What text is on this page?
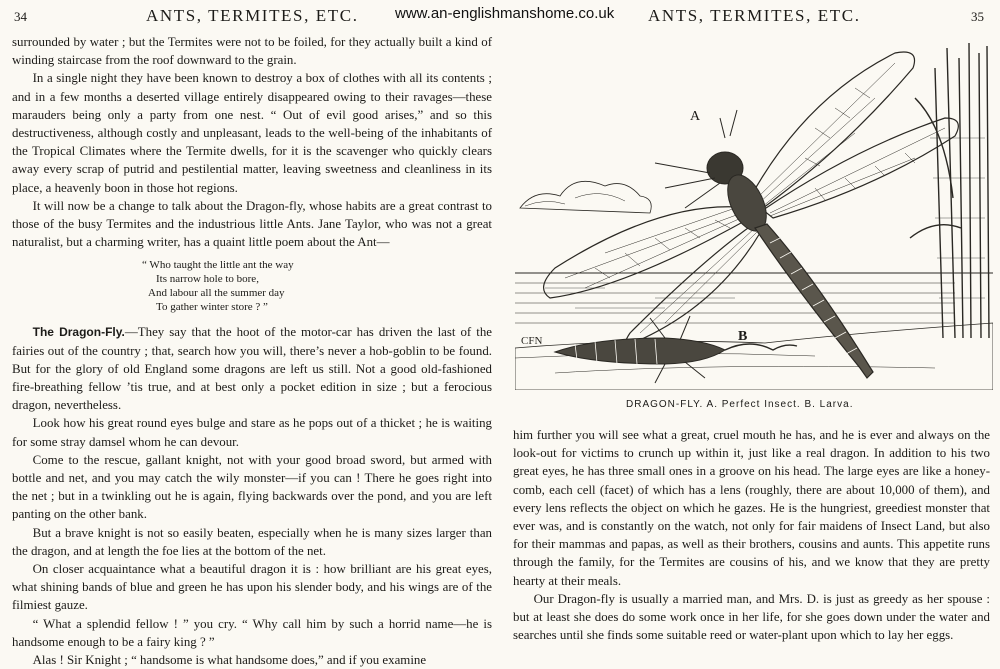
34	ANTS, TERMITES, ETC. www.an-englishmanshome.co.uk ANTS, TERMITES, ETC.	35

surrounded by water ; but the Termites were not to be foiled, for they actually built a kind of winding staircase from the roof downward to the grain.

In a single night they have been known to destroy a box of clothes with all its contents ; and in a few months a deserted village entirely disappeared owing to their ravages—these marauders being only a party from one nest. “ Out of evil good arises,” and so this destructiveness, although costly and unpleasant, leads to the well-being of the inhabitants of the Tropical Climates where the Termite dwells, for it is the scavenger who quickly clears away every scrap of putrid and pestilential matter, leaving sweetness and cleanliness in its place, a heavenly boon in those hot regions.

It will now be a change to talk about the Dragon-fly, whose habits are a great contrast to those of the busy Termites and the industrious little Ants. Jane Taylor, who was not a great naturalist, but a charming writer, has a quaint little poem about the Ant—

“ Who taught the little ant the way
Its narrow hole to bore,
And labour all the summer day
To gather winter store ? ”

The Dragon-Fly.—They say that the hoot of the motor-car has driven the last of the fairies out of the country ; that, search how you will, there’s never a hob-goblin to be found. But for the glory of old England some dragons are left us still. Not a good old-fashioned fire-breathing fellow ’tis true, and at best only a pocket edition in size ; but a ferocious dragon, nevertheless.

Look how his great round eyes bulge and stare as he pops out of a thicket ; he is waiting for some stray damsel whom he can devour.

Come to the rescue, gallant knight, not with your good broad sword, but armed with bottle and net, and you may catch the wily monster—if you can ! There he goes right into the net ; but in a twinkling out he is again, flying backwards over the pond, and you are left panting on the other bank.

But a brave knight is not so easily beaten, especially when he is many sizes larger than the dragon, and at length the foe lies at the bottom of the net.

On closer acquaintance what a beautiful dragon it is : how brilliant are his great eyes, what shining bands of blue and green he has upon his slender body, and his wings are of the filmiest gauze.

“ What a splendid fellow ! ” you cry. “ Why call him by such a horrid name—he is handsome enough to be a fairy king ? ”

Alas ! Sir Knight ; “ handsome is what handsome does,” and if you examine

A
B
CFN
DRAGON-FLY. A. Perfect Insect. B. Larva.

him further you will see what a great, cruel mouth he has, and he is ever and always on the look-out for victims to crunch up within it, just like a real dragon. In addition to his two great eyes, he has three small ones in a groove on his head. The large eyes are like a honey-comb, each cell (facet) of which has a lens (roughly, there are about 10,000 of them), and every lens reflects the object on which he gazes. He is the hungriest, greediest monster that ever was, and is constantly on the watch, not only for fair maidens of Insect Land, but also for their mammas and papas, as well as their brothers, cousins and aunts. This appetite runs through the family, for the Termites are cousins of his, and we know that they are pretty hearty at their meals.

Our Dragon-fly is usually a married man, and Mrs. D. is just as greedy as her spouse : but at least she does do some work once in her life, for she goes down under the water and searches until she finds some suitable reed or water-plant upon which to lay her eggs.
